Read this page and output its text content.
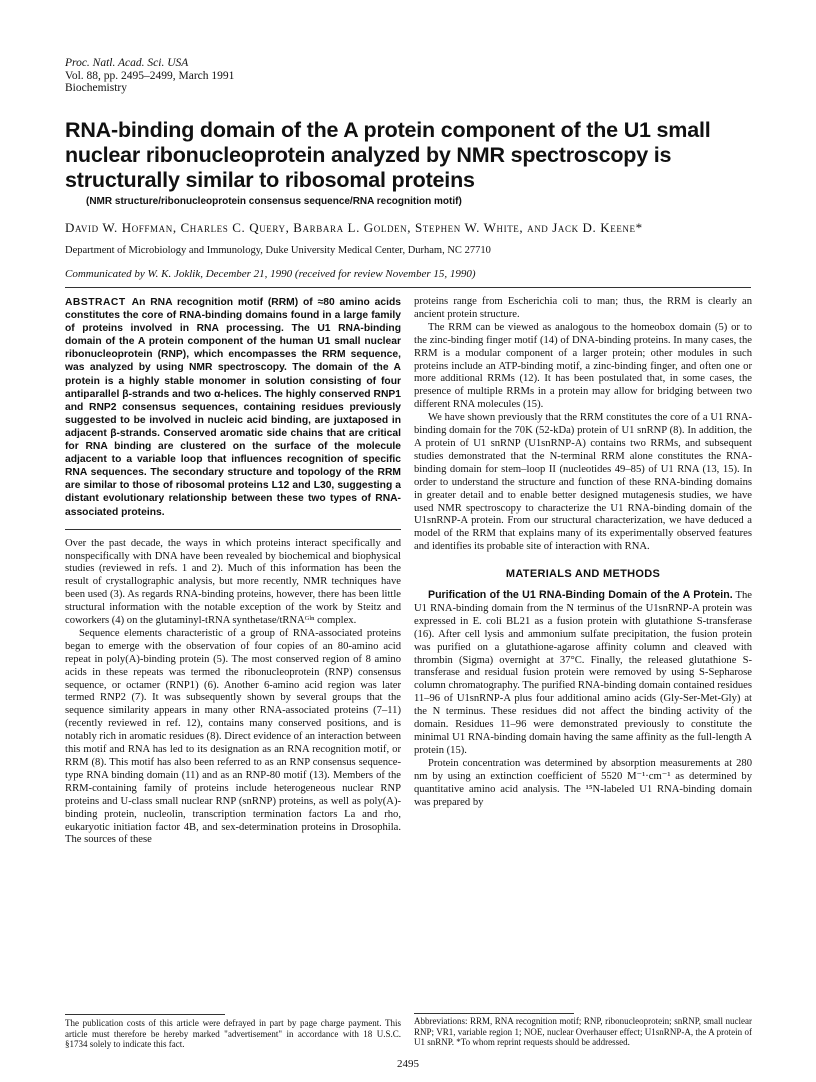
Proc. Natl. Acad. Sci. USA
Vol. 88, pp. 2495–2499, March 1991
Biochemistry
RNA-binding domain of the A protein component of the U1 small nuclear ribonucleoprotein analyzed by NMR spectroscopy is structurally similar to ribosomal proteins
(NMR structure/ribonucleoprotein consensus sequence/RNA recognition motif)
David W. Hoffman, Charles C. Query, Barbara L. Golden, Stephen W. White, and Jack D. Keene*
Department of Microbiology and Immunology, Duke University Medical Center, Durham, NC 27710
Communicated by W. K. Joklik, December 21, 1990 (received for review November 15, 1990)

ABSTRACT An RNA recognition motif (RRM) of ≈80 amino acids constitutes the core of RNA-binding domains found in a large family of proteins involved in RNA processing. The U1 RNA-binding domain of the A protein component of the human U1 small nuclear ribonucleoprotein (RNP), which encompasses the RRM sequence, was analyzed by using NMR spectroscopy. The domain of the A protein is a highly stable monomer in solution consisting of four antiparallel β-strands and two α-helices. The highly conserved RNP1 and RNP2 consensus sequences, containing residues previously suggested to be involved in nucleic acid binding, are juxtaposed in adjacent β-strands. Conserved aromatic side chains that are critical for RNA binding are clustered on the surface of the molecule adjacent to a variable loop that influences recognition of specific RNA sequences. The secondary structure and topology of the RRM are similar to those of ribosomal proteins L12 and L30, suggesting a distant evolutionary relationship between these two types of RNA-associated proteins.

Over the past decade, the ways in which proteins interact specifically and nonspecifically with DNA have been revealed by biochemical and biophysical studies (reviewed in refs. 1 and 2). Much of this information has been the result of crystallographic analysis, but more recently, NMR techniques have been used (3). As regards RNA-binding proteins, however, there has been little structural information with the notable exception of the work by Steitz and coworkers (4) on the glutaminyl-tRNA synthetase/tRNAᴳˡⁿ complex.

Sequence elements characteristic of a group of RNA-associated proteins began to emerge with the observation of four copies of an 80-amino acid repeat in poly(A)-binding protein (5). The most conserved region of 8 amino acids in these repeats was termed the ribonucleoprotein (RNP) consensus sequence, or octamer (RNP1) (6). Another 6-amino acid region was later termed RNP2 (7). It was subsequently shown by several groups that the sequence similarity appears in many other RNA-associated proteins (7–11) (recently reviewed in ref. 12), contains many conserved positions, and is notably rich in aromatic residues (8). Direct evidence of an interaction between this motif and RNA has led to its designation as an RNA recognition motif, or RRM (8). This motif has also been referred to as an RNP consensus sequence-type RNA binding domain (11) and as an RNP-80 motif (13). Members of the RRM-containing family of proteins include heterogeneous nuclear RNP proteins and U-class small nuclear RNP (snRNP) proteins, as well as poly(A)-binding protein, nucleolin, transcription termination factors La and rho, eukaryotic initiation factor 4B, and sex-determination proteins in Drosophila. The sources of these

proteins range from Escherichia coli to man; thus, the RRM is clearly an ancient protein structure.

The RRM can be viewed as analogous to the homeobox domain (5) or to the zinc-binding finger motif (14) of DNA-binding proteins. In many cases, the RRM is a modular component of a larger protein; other modules in such proteins include an ATP-binding motif, a zinc-binding finger, and often one or more additional RRMs (12). It has been postulated that, in some cases, the presence of multiple RRMs in a protein may allow for bridging between two different RNA molecules (15).

We have shown previously that the RRM constitutes the core of a U1 RNA-binding domain for the 70K (52-kDa) protein of U1 snRNP (8). In addition, the A protein of U1 snRNP (U1snRNP-A) contains two RRMs, and subsequent studies demonstrated that the N-terminal RRM alone constitutes the RNA-binding domain for stem–loop II (nucleotides 49–85) of U1 RNA (13, 15). In order to understand the structure and function of these RNA-binding domains in greater detail and to enable better designed mutagenesis studies, we have used NMR spectroscopy to characterize the U1 RNA-binding domain of the U1snRNP-A protein. From our structural characterization, we have deduced a model of the RRM that explains many of its experimentally observed features and identifies its probable site of interaction with RNA.

MATERIALS AND METHODS

Purification of the U1 RNA-Binding Domain of the A Protein. The U1 RNA-binding domain from the N terminus of the U1snRNP-A protein was expressed in E. coli BL21 as a fusion protein with glutathione S-transferase (16). After cell lysis and ammonium sulfate precipitation, the fusion protein was purified on a glutathione-agarose affinity column and cleaved with thrombin (Sigma) overnight at 37°C. Finally, the released glutathione S-transferase and residual fusion protein were removed by using S-Sepharose column chromatography. The purified RNA-binding domain contained residues 11–96 of U1snRNP-A plus four additional amino acids (Gly-Ser-Met-Gly) at the N terminus. These residues did not affect the binding activity of the domain. Residues 11–96 were demonstrated previously to constitute the minimal U1 RNA-binding domain having the same affinity as the full-length A protein (15).

Protein concentration was determined by absorption measurements at 280 nm by using an extinction coefficient of 5520 M⁻¹·cm⁻¹ as determined by quantitative amino acid analysis. The ¹⁵N-labeled U1 RNA-binding domain was prepared by

The publication costs of this article were defrayed in part by page charge payment. This article must therefore be hereby marked "advertisement" in accordance with 18 U.S.C. §1734 solely to indicate this fact.
Abbreviations: RRM, RNA recognition motif; RNP, ribonucleoprotein; snRNP, small nuclear RNP; VR1, variable region 1; NOE, nuclear Overhauser effect; U1snRNP-A, the A protein of U1 snRNP. *To whom reprint requests should be addressed.
2495
